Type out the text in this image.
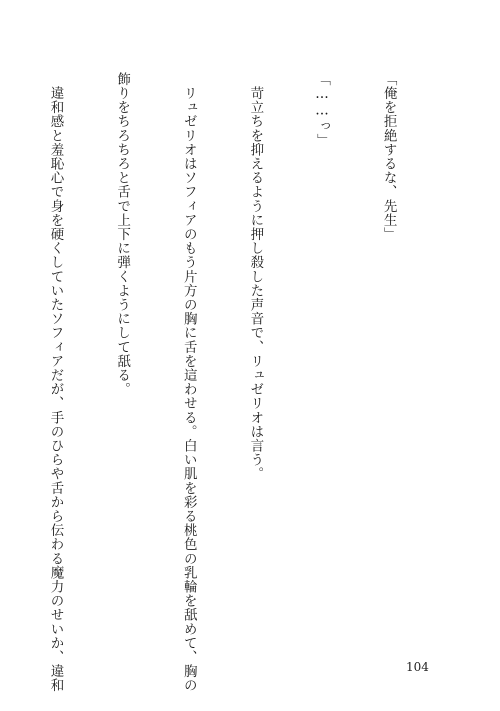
「俺を拒絶するな、先生」

「……っ」

　苛立ちを抑えるように押し殺した声音で、リュゼリオは言う。

　リュゼリオはソフィアのもう片方の胸に舌を這わせる。白い肌を彩る桃色の乳輪を舐めて、胸の

飾りをちろちろと舌で上下に弾くようにして舐る。

　違和感と羞恥心で身を硬くしていたソフィアだが、手のひらや舌から伝わる魔力のせいか、違和

	104
